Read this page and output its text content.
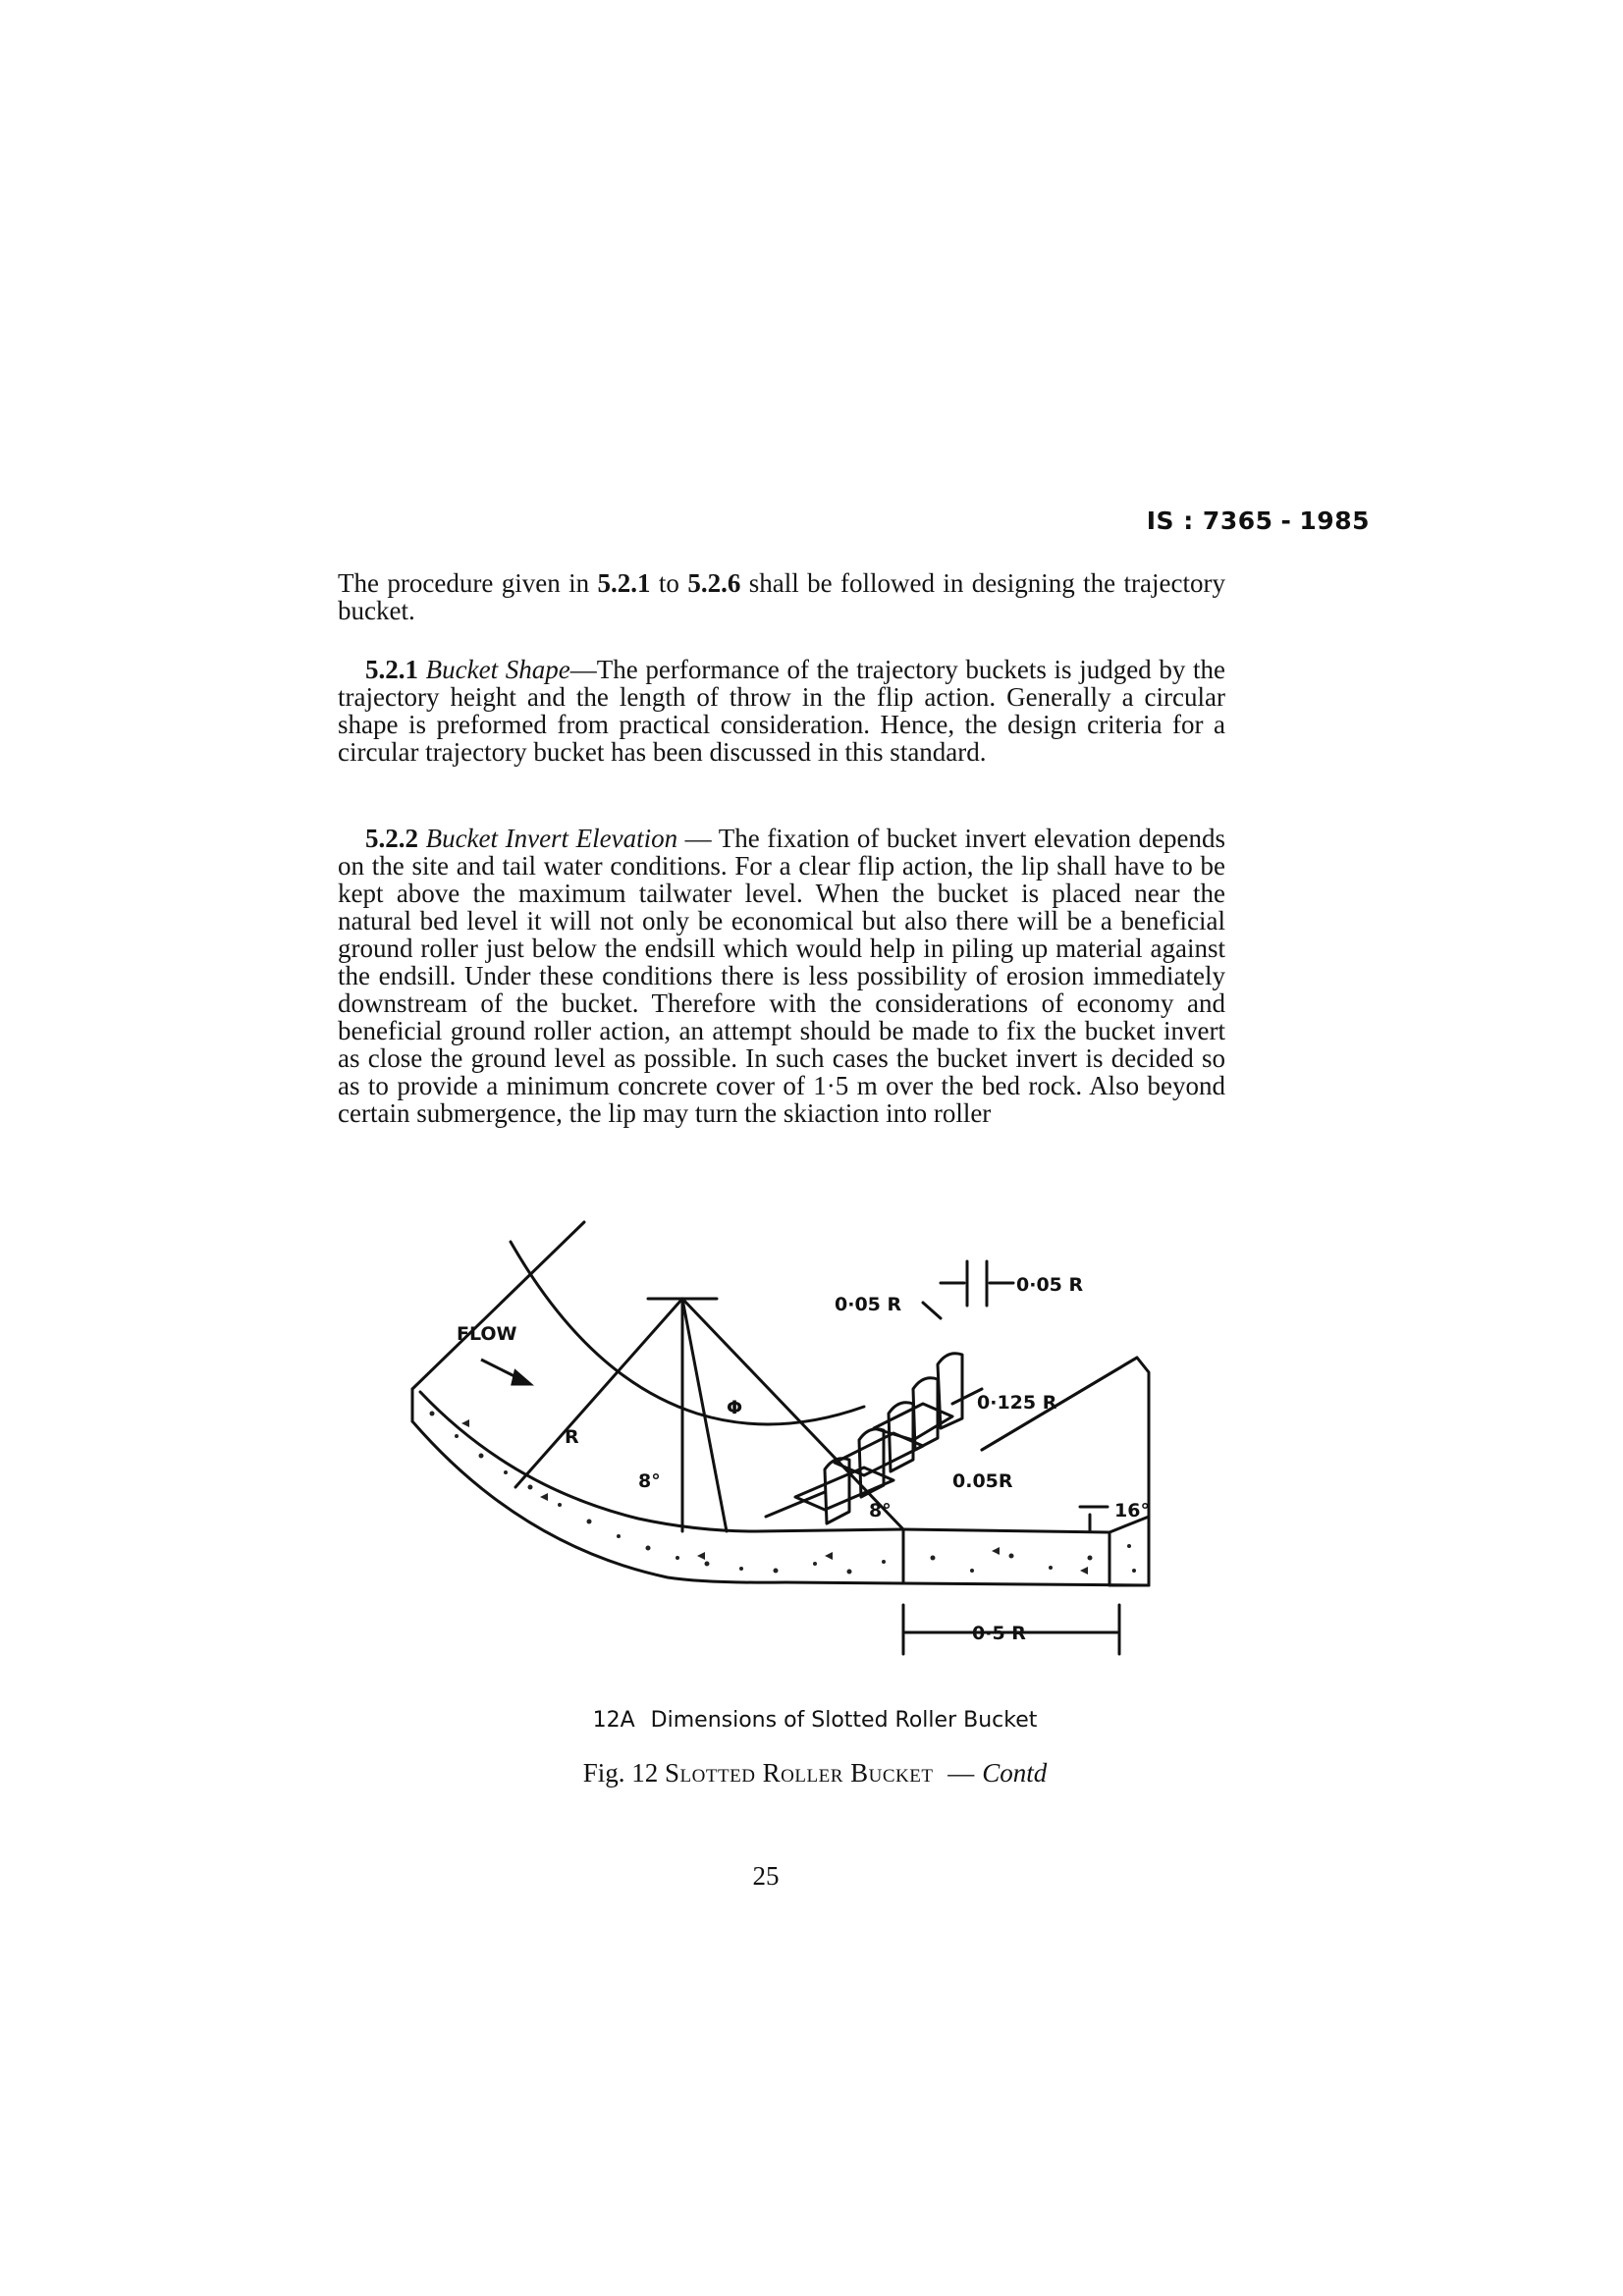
IS : 7365 - 1985

The procedure given in 5.2.1 to 5.2.6 shall be followed in designing the trajectory bucket.

5.2.1 Bucket Shape—The performance of the trajectory buckets is judged by the trajectory height and the length of throw in the flip action. Generally a circular shape is preformed from practical consideration. Hence, the design criteria for a circular trajectory bucket has been discussed in this standard.

5.2.2 Bucket Invert Elevation — The fixation of bucket invert elevation depends on the site and tail water conditions. For a clear flip action, the lip shall have to be kept above the maximum tailwater level. When the bucket is placed near the natural bed level it will not only be economical but also there will be a beneficial ground roller just below the endsill which would help in piling up material against the endsill. Under these conditions there is less possibility of erosion immediately downstream of the bucket. Therefore with the considerations of economy and beneficial ground roller action, an attempt should be made to fix the bucket invert as close the ground level as possible. In such cases the bucket invert is decided so as to provide a minimum concrete cover of 1·5 m over the bed rock. Also beyond certain submergence, the lip may turn the skiaction into roller

FLOW
R
Φ
8°
8°	16°
0·05 R
0·05 R
0·125 R
0.05R
0·5 R
12A Dimensions of Slotted Roller Bucket
Fig. 12 Slotted Roller Bucket — Contd
25
